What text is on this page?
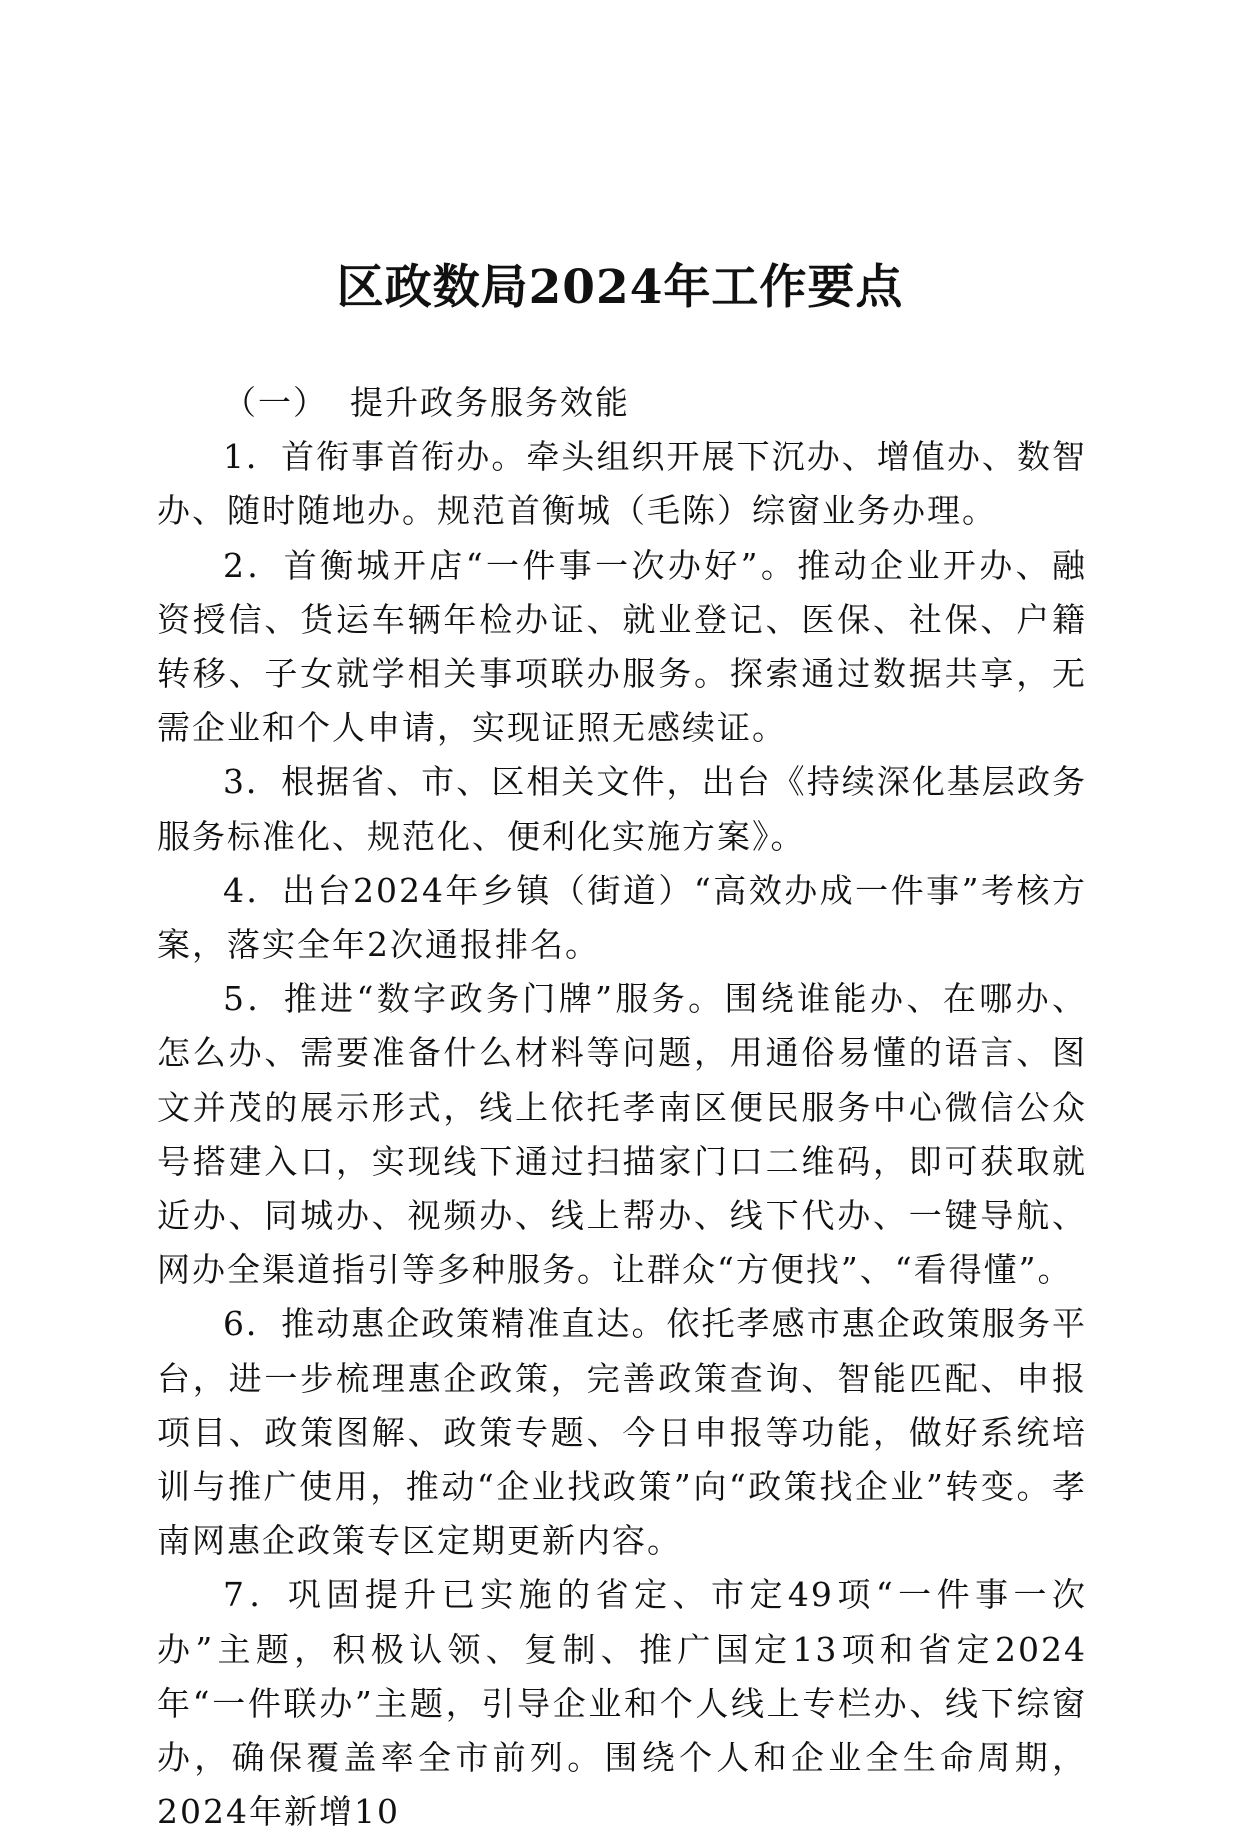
区政数局2024年工作要点
（一） 提升政务服务效能

1．首衔事首衔办。牵头组织开展下沉办、增值办、数智办、随时随地办。规范首衡城（毛陈）综窗业务办理。

2．首衡城开店“一件事一次办好”。推动企业开办、融资授信、货运车辆年检办证、就业登记、医保、社保、户籍转移、子女就学相关事项联办服务。探索通过数据共享，无需企业和个人申请，实现证照无感续证。

3．根据省、市、区相关文件，出台《持续深化基层政务服务标准化、规范化、便利化实施方案》。

4．出台2024年乡镇（街道）“高效办成一件事”考核方案，落实全年2次通报排名。

5．推进“数字政务门牌”服务。围绕谁能办、在哪办、怎么办、需要准备什么材料等问题，用通俗易懂的语言、图文并茂的展示形式，线上依托孝南区便民服务中心微信公众号搭建入口，实现线下通过扫描家门口二维码，即可获取就近办、同城办、视频办、线上帮办、线下代办、一键导航、网办全渠道指引等多种服务。让群众“方便找”、“看得懂”。

6．推动惠企政策精准直达。依托孝感市惠企政策服务平台，进一步梳理惠企政策，完善政策查询、智能匹配、申报项目、政策图解、政策专题、今日申报等功能，做好系统培训与推广使用，推动“企业找政策”向“政策找企业”转变。孝南网惠企政策专区定期更新内容。

7．巩固提升已实施的省定、市定49项“一件事一次办”主题，积极认领、复制、推广国定13项和省定2024年“一件联办”主题，引导企业和个人线上专栏办、线下综窗办，确保覆盖率全市前列。围绕个人和企业全生命周期，2024年新增10
